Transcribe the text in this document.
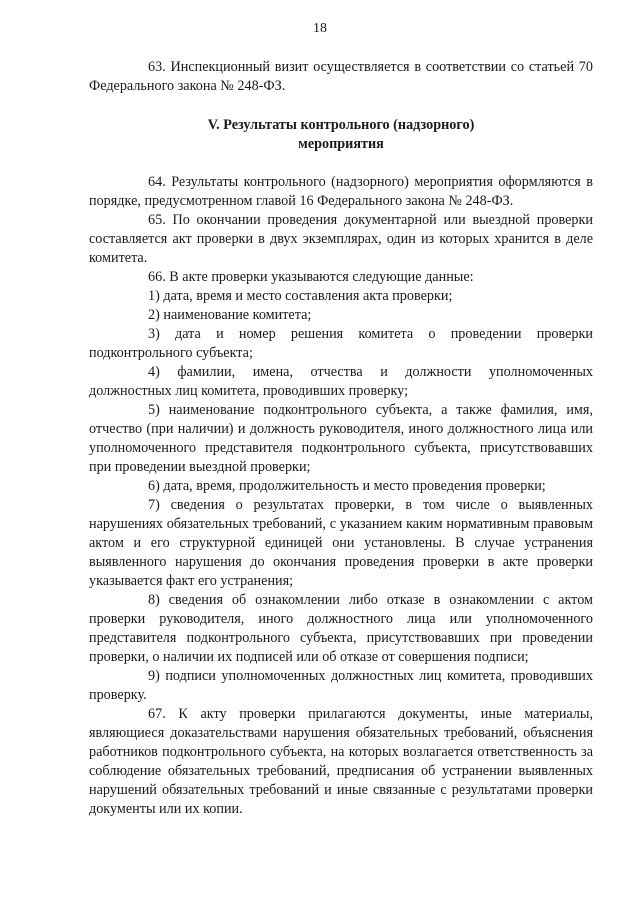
18

63. Инспекционный визит осуществляется в соответствии со статьей 70 Федерального закона № 248-ФЗ.

V. Результаты контрольного (надзорного)

мероприятия

64. Результаты контрольного (надзорного) мероприятия оформляются в порядке, предусмотренном главой 16 Федерального закона № 248-ФЗ.

65. По окончании проведения документарной или выездной проверки составляется акт проверки в двух экземплярах, один из которых хранится в деле комитета.

66. В акте проверки указываются следующие данные:

1) дата, время и место составления акта проверки;

2) наименование комитета;

3) дата и номер решения комитета о проведении проверки подконтрольного субъекта;

4) фамилии, имена, отчества и должности уполномоченных должностных лиц комитета, проводивших проверку;

5) наименование подконтрольного субъекта, а также фамилия, имя, отчество (при наличии) и должность руководителя, иного должностного лица или уполномоченного представителя подконтрольного субъекта, присутствовавших при проведении выездной проверки;

6) дата, время, продолжительность и место проведения проверки;

7) сведения о результатах проверки, в том числе о выявленных нарушениях обязательных требований, с указанием каким нормативным правовым актом и его структурной единицей они установлены. В случае устранения выявленного нарушения до окончания проведения проверки в акте проверки указывается факт его устранения;

8) сведения об ознакомлении либо отказе в ознакомлении с актом проверки руководителя, иного должностного лица или уполномоченного представителя подконтрольного субъекта, присутствовавших при проведении проверки, о наличии их подписей или об отказе от совершения подписи;

9) подписи уполномоченных должностных лиц комитета, проводивших проверку.

67. К акту проверки прилагаются документы, иные материалы, являющиеся доказательствами нарушения обязательных требований, объяснения работников подконтрольного субъекта, на которых возлагается ответственность за соблюдение обязательных требований, предписания об устранении выявленных нарушений обязательных требований и иные связанные с результатами проверки документы или их копии.
